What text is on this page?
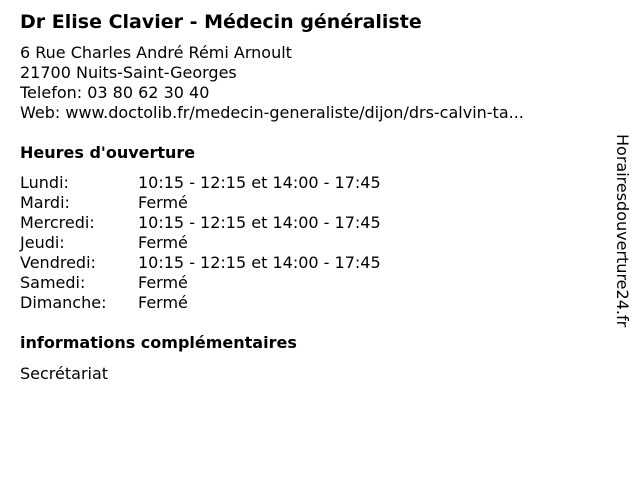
Dr Elise Clavier - Médecin généraliste
6 Rue Charles André Rémi Arnoult
21700 Nuits-Saint-Georges
Telefon: 03 80 62 30 40
Web: www.doctolib.fr/medecin-generaliste/dijon/drs-calvin-ta...
Heures d'ouverture
Lundi:	10:15 - 12:15 et 14:00 - 17:45
Mardi:	Fermé
Mercredi:	10:15 - 12:15 et 14:00 - 17:45
Jeudi:	Fermé
Vendredi:	10:15 - 12:15 et 14:00 - 17:45
Samedi:	Fermé
Dimanche: Fermé
informations complémentaires
Secrétariat
Horairesdouverture24.fr
